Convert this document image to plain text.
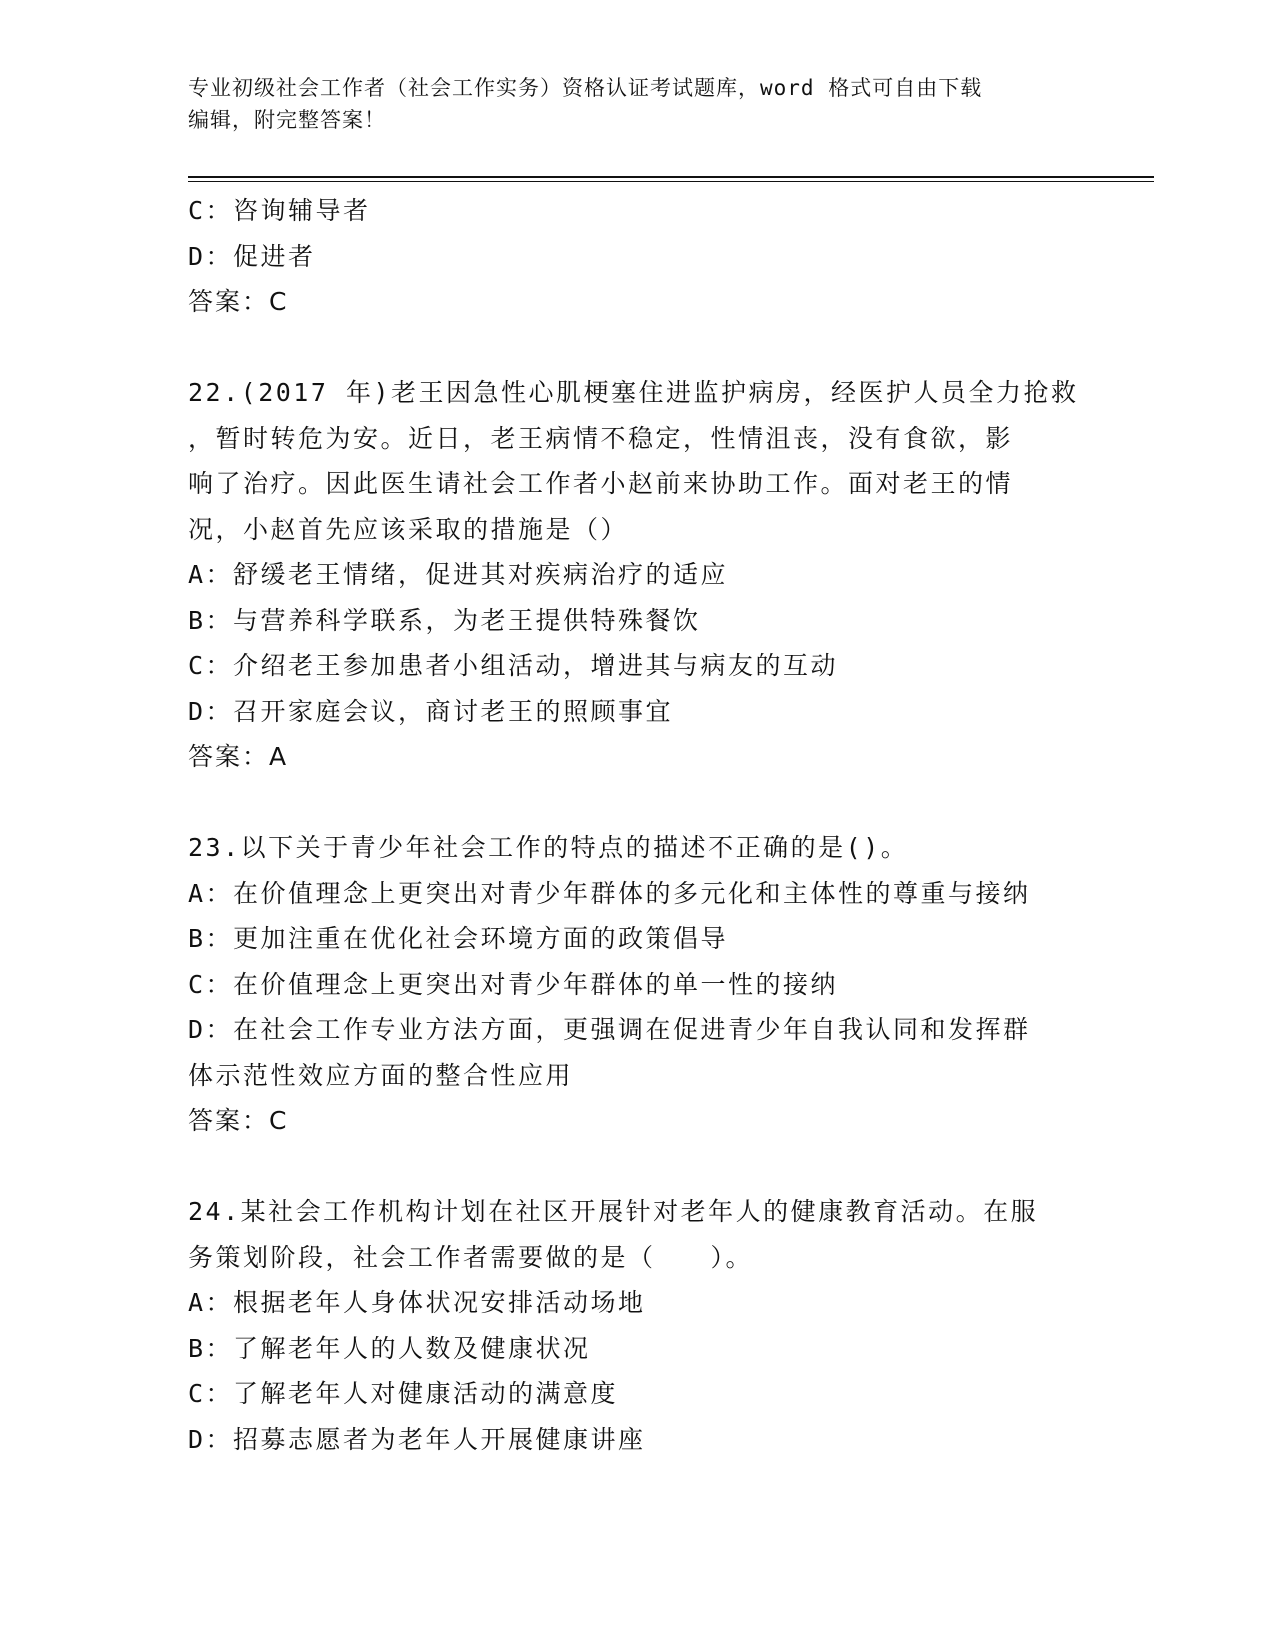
专业初级社会工作者（社会工作实务）资格认证考试题库，word 格式可自由下载
编辑，附完整答案！
C：咨询辅导者
D：促进者
答案：C
22.(2017 年)老王因急性心肌梗塞住进监护病房，经医护人员全力抢救
，暂时转危为安。近日，老王病情不稳定，性情沮丧，没有食欲，影
响了治疗。因此医生请社会工作者小赵前来协助工作。面对老王的情
况，小赵首先应该采取的措施是（）
A：舒缓老王情绪，促进其对疾病治疗的适应
B：与营养科学联系，为老王提供特殊餐饮
C：介绍老王参加患者小组活动，增进其与病友的互动
D：召开家庭会议，商讨老王的照顾事宜
答案：A
23.以下关于青少年社会工作的特点的描述不正确的是()。
A：在价值理念上更突出对青少年群体的多元化和主体性的尊重与接纳
B：更加注重在优化社会环境方面的政策倡导
C：在价值理念上更突出对青少年群体的单一性的接纳
D：在社会工作专业方法方面，更强调在促进青少年自我认同和发挥群
体示范性效应方面的整合性应用
答案：C
24.某社会工作机构计划在社区开展针对老年人的健康教育活动。在服
务策划阶段，社会工作者需要做的是（　　）。
A：根据老年人身体状况安排活动场地
B：了解老年人的人数及健康状况
C：了解老年人对健康活动的满意度
D：招募志愿者为老年人开展健康讲座
